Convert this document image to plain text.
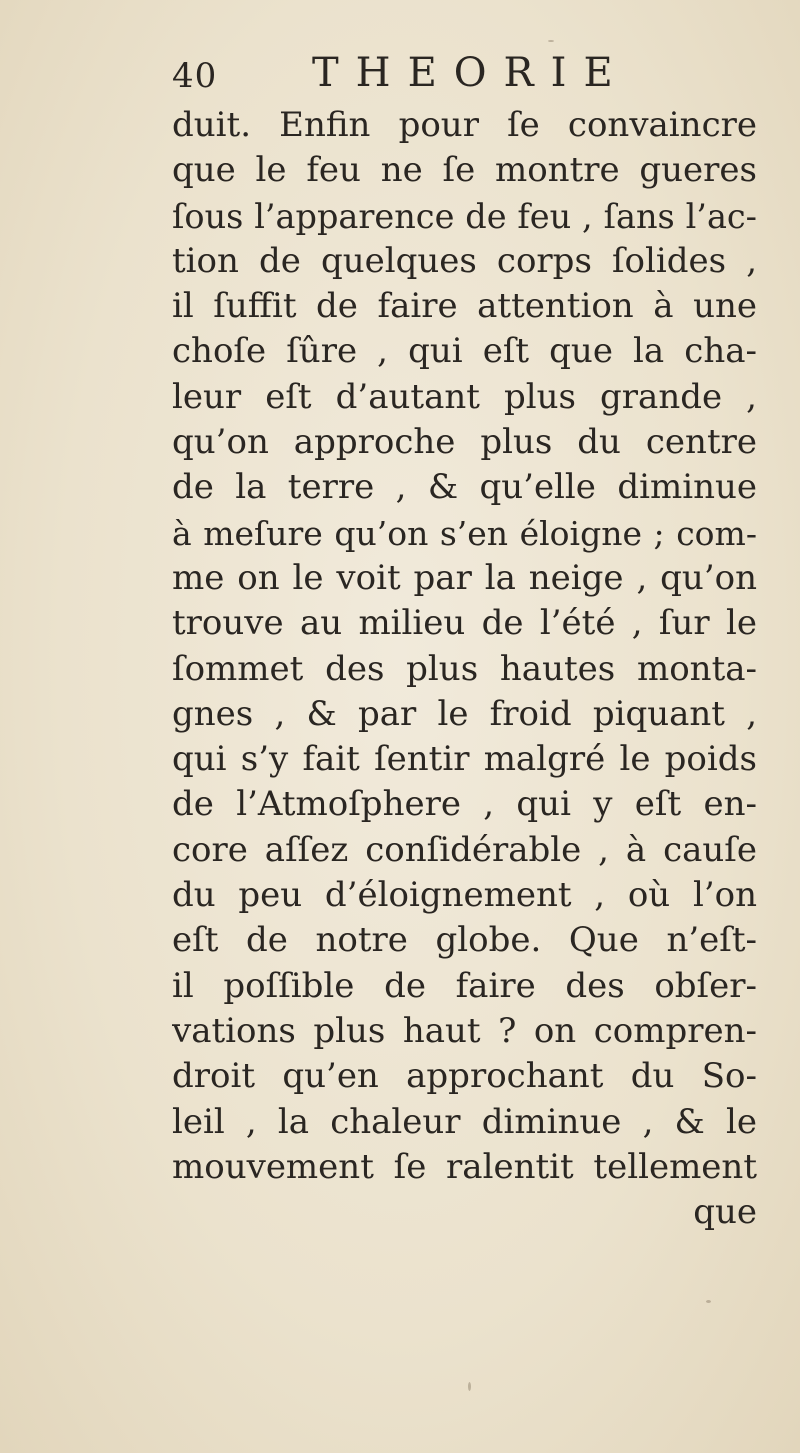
40 THEORIE
duit. Enfin pour ſe convaincre
que le feu ne ſe montre gueres
ſous l’apparence de feu , ſans l’ac-
tion de quelques corps ſolides ,
il ſuffit de faire attention à une
choſe ſûre , qui eſt que la cha-
leur eſt d’autant plus grande ,
qu’on approche plus du centre
de la terre , & qu’elle diminue
à meſure qu’on s’en éloigne ; com-
me on le voit par la neige , qu’on
trouve au milieu de l’été , ſur le
ſommet des plus hautes monta-
gnes , & par le froid piquant ,
qui s’y fait ſentir malgré le poids
de l’Atmoſphere , qui y eſt en-
core aſſez conſidérable , à cauſe
du peu d’éloignement , où l’on
eſt de notre globe. Que n’eſt-
il poſſible de faire des obſer-
vations plus haut ? on compren-
droit qu’en approchant du So-
leil , la chaleur diminue , & le
mouvement ſe ralentit tellement
que
